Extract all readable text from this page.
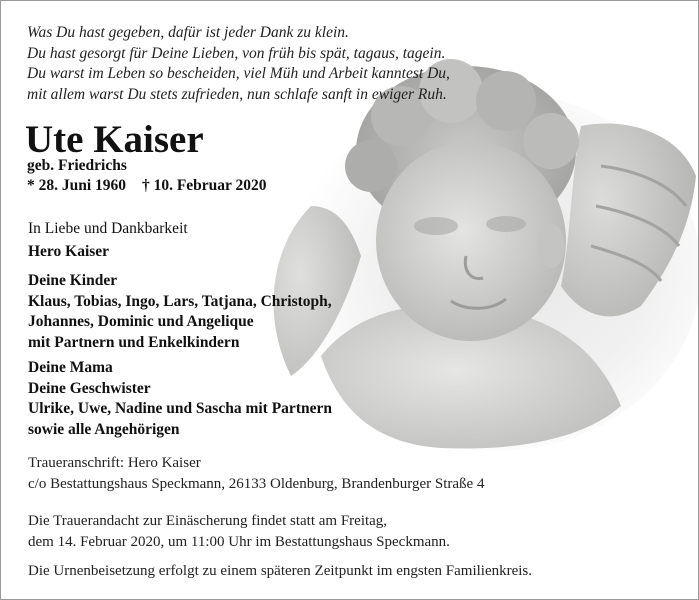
Was Du hast gegeben, dafür ist jeder Dank zu klein.
Du hast gesorgt für Deine Lieben, von früh bis spät, tagaus, tagein.
Du warst im Leben so bescheiden, viel Müh und Arbeit kanntest Du,
mit allem warst Du stets zufrieden, nun schlafe sanft in ewiger Ruh.
Ute Kaiser
geb. Friedrichs
* 28. Juni 1960 † 10. Februar 2020
In Liebe und Dankbarkeit
Hero Kaiser
Deine Kinder
Klaus, Tobias, Ingo, Lars, Tatjana, Christoph,
Johannes, Dominic und Angelique
mit Partnern und Enkelkindern
Deine Mama
Deine Geschwister
Ulrike, Uwe, Nadine und Sascha mit Partnern
sowie alle Angehörigen
Traueranschrift: Hero Kaiser
c/o Bestattungshaus Speckmann, 26133 Oldenburg, Brandenburger Straße 4
Die Trauerandacht zur Einäscherung findet statt am Freitag,
dem 14. Februar 2020, um 11:00 Uhr im Bestattungshaus Speckmann.
Die Urnenbeisetzung erfolgt zu einem späteren Zeitpunkt im engsten Familienkreis.
